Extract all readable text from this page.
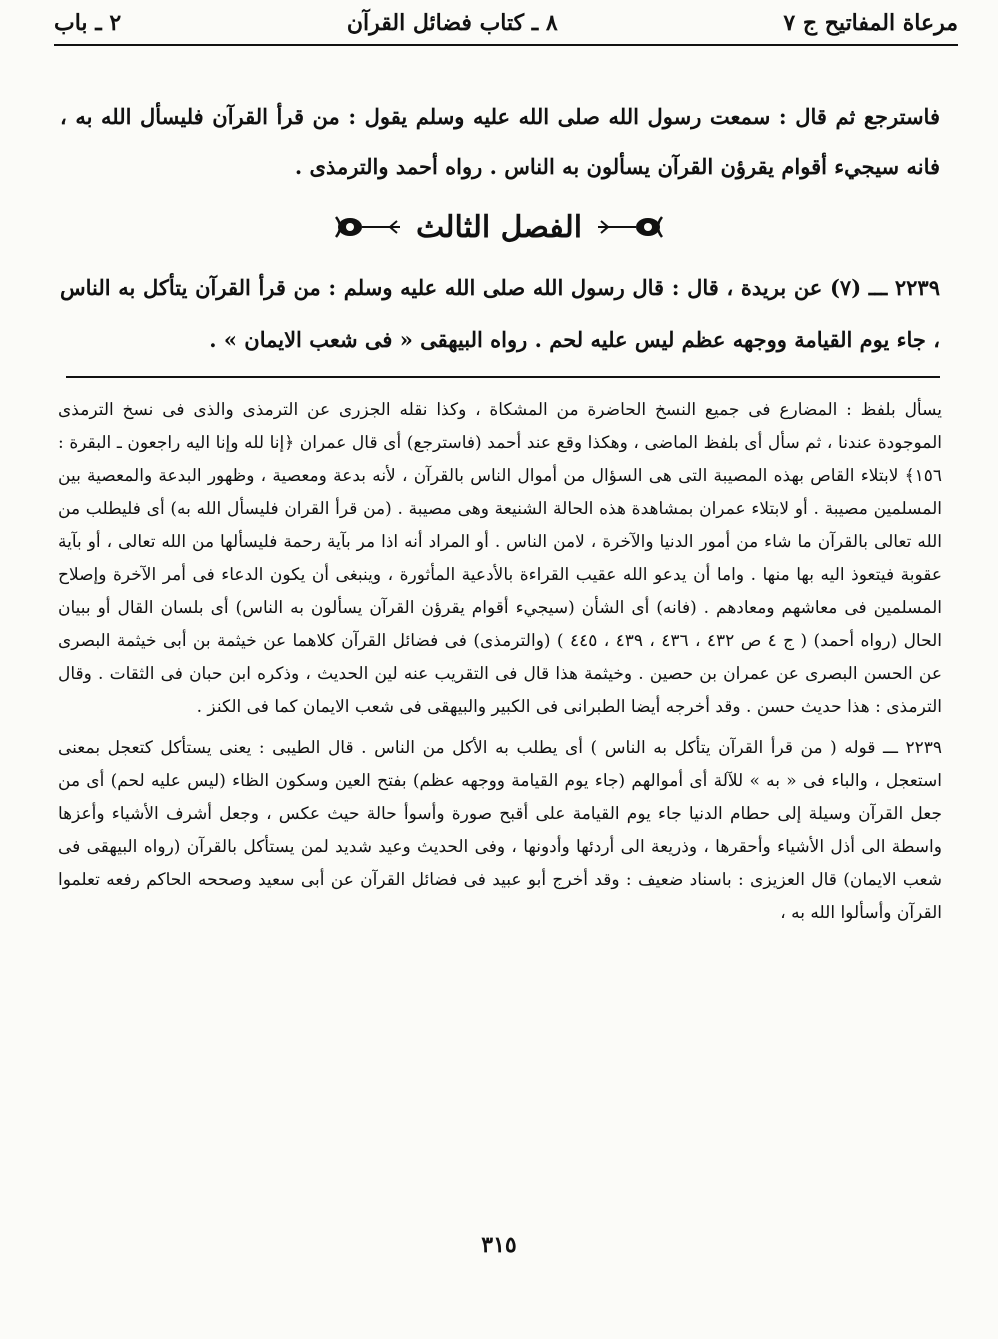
مرعاة المفاتيح ج ٧
٨ ـ كتاب فضائل القرآن
٢ ـ باب

فاسترجع ثم قال : سمعت رسول الله صلى الله عليه وسلم يقول : من قرأ القرآن فليسأل الله به ، فانه سيجيء أقوام يقرؤن القرآن يسألون به الناس . رواه أحمد والترمذى .

الفصل الثالث

٢٢٣٩ ـــ (٧) عن بريدة ، قال : قال رسول الله صلى الله عليه وسلم : من قرأ القرآن يتأكل به الناس ، جاء يوم القيامة ووجهه عظم ليس عليه لحم . رواه البيهقى « فى شعب الايمان » .

يسأل بلفظ : المضارع فى جميع النسخ الحاضرة من المشكاة ، وكذا نقله الجزرى عن الترمذى والذى فى نسخ الترمذى الموجودة عندنا ، ثم سأل أى بلفظ الماضى ، وهكذا وقع عند أحمد (فاسترجع) أى قال عمران ﴿إنا لله وإنا اليه راجعون ـ البقرة : ١٥٦﴾ لابتلاء القاص بهذه المصيبة التى هى السؤال من أموال الناس بالقرآن ، لأنه بدعة ومعصية ، وظهور البدعة والمعصية بين المسلمين مصيبة . أو لابتلاء عمران بمشاهدة هذه الحالة الشنيعة وهى مصيبة . (من قرأ القران فليسأل الله به) أى فليطلب من الله تعالى بالقرآن ما شاء من أمور الدنيا والآخرة ، لامن الناس . أو المراد أنه اذا مر بآية رحمة فليسألها من الله تعالى ، أو بآية عقوبة فيتعوذ اليه بها منها . واما أن يدعو الله عقيب القراءة بالأدعية المأثورة ، وينبغى أن يكون الدعاء فى أمر الآخرة وإصلاح المسلمين فى معاشهم ومعادهم . (فانه) أى الشأن (سيجيء أقوام يقرؤن القرآن يسألون به الناس) أى بلسان القال أو ببيان الحال (رواه أحمد) ( ج ٤ ص ٤٣٢ ، ٤٣٦ ، ٤٣٩ ، ٤٤٥ ) (والترمذى) فى فضائل القرآن كلاهما عن خيثمة بن أبى خيثمة البصرى عن الحسن البصرى عن عمران بن حصين . وخيثمة هذا قال فى التقريب عنه لين الحديث ، وذكره ابن حبان فى الثقات . وقال الترمذى : هذا حديث حسن . وقد أخرجه أيضا الطبرانى فى الكبير والبيهقى فى شعب الايمان كما فى الكنز .

٢٢٣٩ ـــ قوله ( من قرأ القرآن يتأكل به الناس ) أى يطلب به الأكل من الناس . قال الطيبى : يعنى يستأكل كتعجل بمعنى استعجل ، والباء فى « به » للآلة أى أموالهم (جاء يوم القيامة ووجهه عظم) بفتح العين وسكون الظاء (ليس عليه لحم) أى من جعل القرآن وسيلة إلى حطام الدنيا جاء يوم القيامة على أقبح صورة وأسوأ حالة حيث عكس ، وجعل أشرف الأشياء وأعزها واسطة الى أذل الأشياء وأحقرها ، وذريعة الى أردئها وأدونها ، وفى الحديث وعيد شديد لمن يستأكل بالقرآن (رواه البيهقى فى شعب الايمان) قال العزيزى : باسناد ضعيف : وقد أخرج أبو عبيد فى فضائل القرآن عن أبى سعيد وصححه الحاكم رفعه تعلموا القرآن وأسألوا الله به ،

٣١٥
